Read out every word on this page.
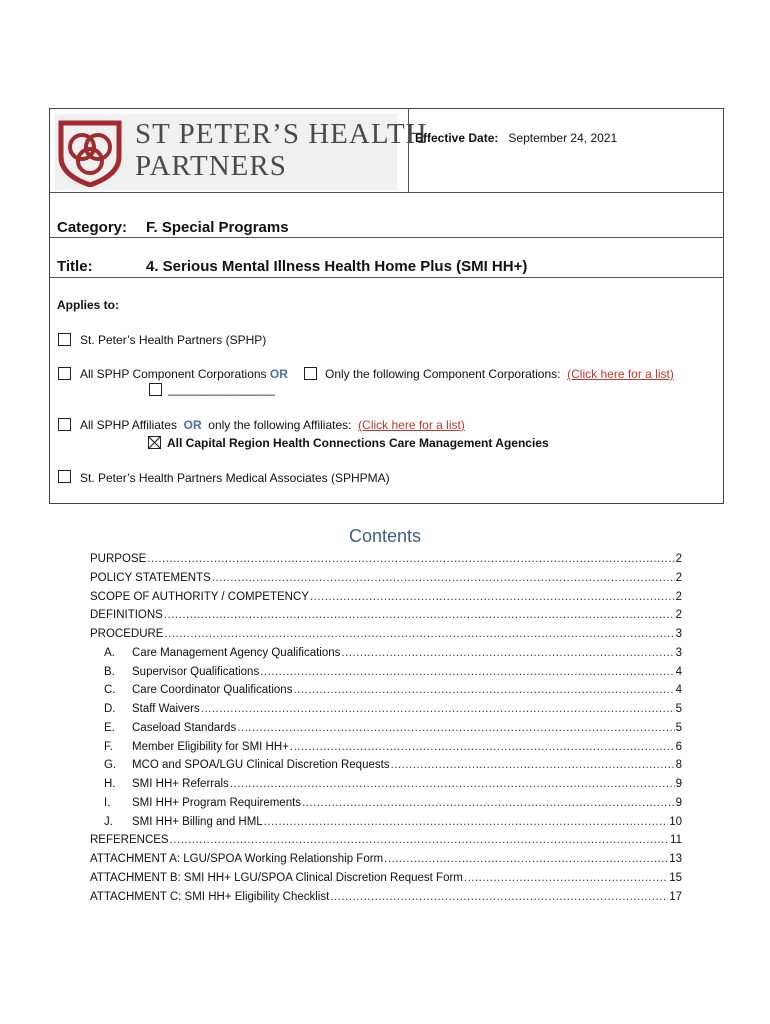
ST PETER’S HEALTH
PARTNERS
Effective Date: September 24, 2021
Category: F. Special Programs
Title:	4. Serious Mental Illness Health Home Plus (SMI HH+)
Applies to:
St. Peter’s Health Partners (SPHP)
All SPHP Component Corporations OR	Only the following Component Corporations: (Click here for a list)
________________
All SPHP Affiliates OR only the following Affiliates: (Click here for a list)
All Capital Region Health Connections Care Management Agencies
St. Peter’s Health Partners Medical Associates (SPHPMA)
Contents
PURPOSE .....	2
POLICY STATEMENTS .....	2
SCOPE OF AUTHORITY / COMPETENCY .....	2
DEFINITIONS .....	2
PROCEDURE .....	3
A.	Care Management Agency Qualifications .....	3
B.	Supervisor Qualifications .....	4
C.	Care Coordinator Qualifications .....	4
D.	Staff Waivers .....	5
E.	Caseload Standards .....	5
F.	Member Eligibility for SMI HH+ .....	6
G.	MCO and SPOA/LGU Clinical Discretion Requests .....	8
H.	SMI HH+ Referrals .....	9
I.	SMI HH+ Program Requirements .....	9
J.	SMI HH+ Billing and HML .....	10
REFERENCES .....	11
ATTACHMENT A: LGU/SPOA Working Relationship Form .....	13
ATTACHMENT B: SMI HH+ LGU/SPOA Clinical Discretion Request Form .....	15
ATTACHMENT C: SMI HH+ Eligibility Checklist .....	17
